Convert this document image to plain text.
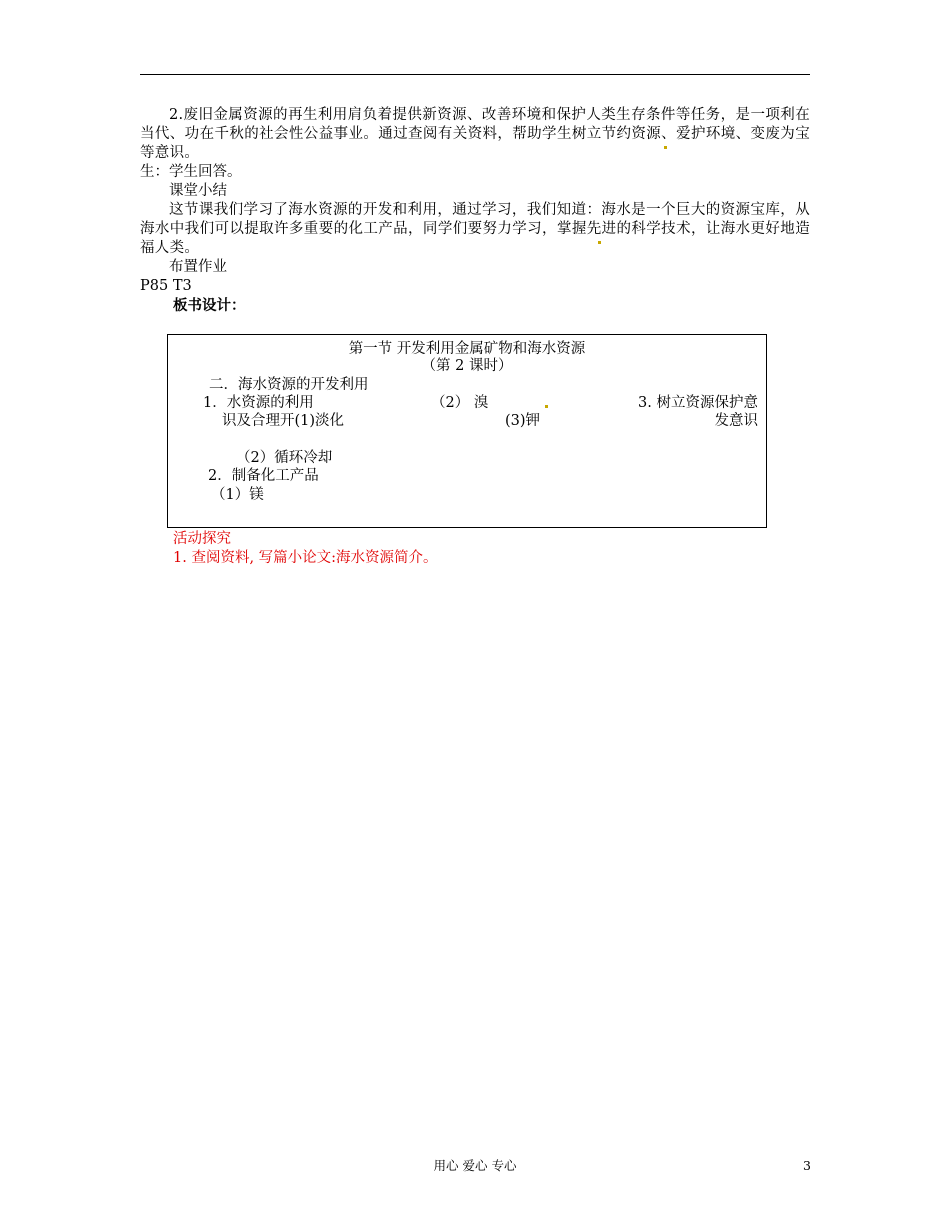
2.废旧金属资源的再生利用肩负着提供新资源、改善环境和保护人类生存条件等任务，是一项利在当代、功在千秋的社会性公益事业。通过查阅有关资料，帮助学生树立节约资源、爱护环境、变废为宝等意识。

生：学生回答。

课堂小结

这节课我们学习了海水资源的开发和利用，通过学习，我们知道：海水是一个巨大的资源宝库，从海水中我们可以提取许多重要的化工产品，同学们要努力学习，掌握先进的科学技术，让海水更好地造福人类。

布置作业

P85 T3

板书设计：

第一节 开发利用金属矿物和海水资源

（第 2 课时）

二．海水资源的开发利用

1．水资源的利用

识及合理开(1)淡化

（2） 溴

(3)钾

3. 树立资源保护意

发意识

（2）循环冷却

2．制备化工产品

（1）镁

活动探究

1. 查阅资料, 写篇小论文:海水资源简介。

用心 爱心 专心	3
